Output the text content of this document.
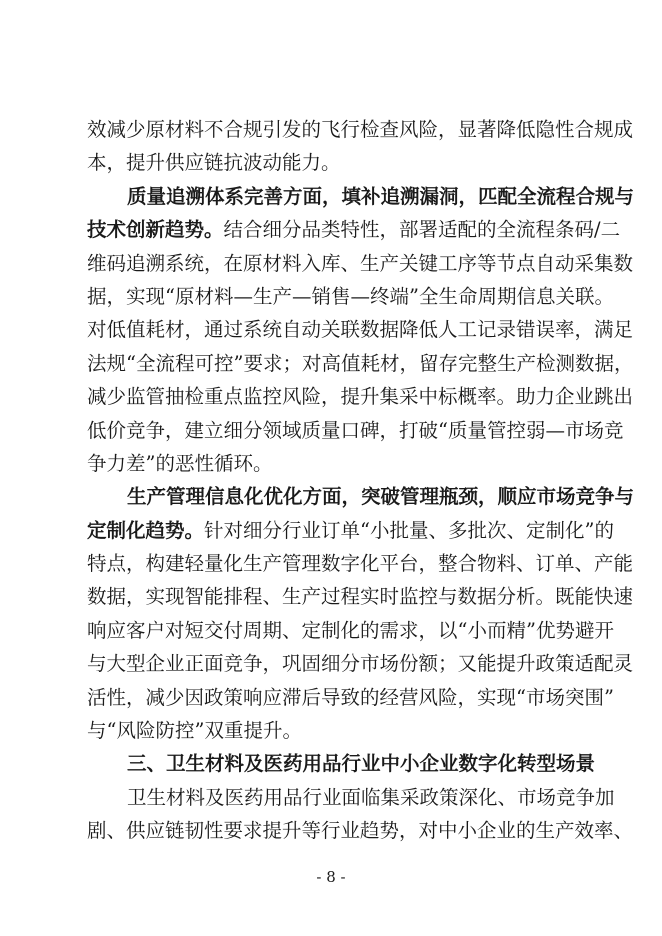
效减少原材料不合规引发的飞行检查风险，显著降低隐性合规成
本，提升供应链抗波动能力。
质量追溯体系完善方面，填补追溯漏洞，匹配全流程合规与
技术创新趋势。结合细分品类特性，部署适配的全流程条码/二
维码追溯系统，在原材料入库、生产关键工序等节点自动采集数
据，实现“原材料—生产—销售—终端”全生命周期信息关联。
对低值耗材，通过系统自动关联数据降低人工记录错误率，满足
法规“全流程可控”要求；对高值耗材，留存完整生产检测数据，
减少监管抽检重点监控风险，提升集采中标概率。助力企业跳出
低价竞争，建立细分领域质量口碑，打破“质量管控弱—市场竞
争力差”的恶性循环。
生产管理信息化优化方面，突破管理瓶颈，顺应市场竞争与
定制化趋势。针对细分行业订单“小批量、多批次、定制化”的
特点，构建轻量化生产管理数字化平台，整合物料、订单、产能
数据，实现智能排程、生产过程实时监控与数据分析。既能快速
响应客户对短交付周期、定制化的需求，以“小而精”优势避开
与大型企业正面竞争，巩固细分市场份额；又能提升政策适配灵
活性，减少因政策响应滞后导致的经营风险，实现“市场突围”
与“风险防控”双重提升。
三、卫生材料及医药用品行业中小企业数字化转型场景
卫生材料及医药用品行业面临集采政策深化、市场竞争加
剧、供应链韧性要求提升等行业趋势，对中小企业的生产效率、
- 8 -
